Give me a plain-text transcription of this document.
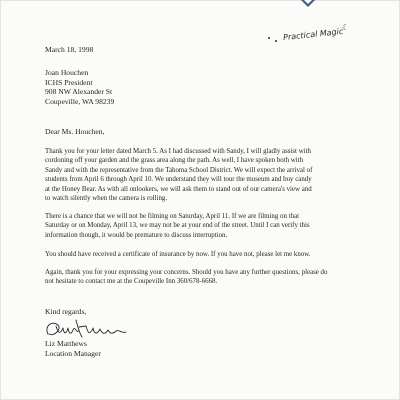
Practical Magic
☾
March 18, 1998
Joan Houchen
ICHS President
908 NW Alexander St
Coupeville, WA 98239
Dear Ms. Houchen,

Thank you for your letter dated March 5. As I had discussed with Sandy, I will gladly assist with
cordoning off your garden and the grass area along the path. As well, I have spoken both with
Sandy and with the representative from the Tahoma School District. We will expect the arrival of
students from April 6 through April 10. We understand they will tour the museum and buy candy
at the Honey Bear. As with all onlookers, we will ask them to stand out of our camera's view and
to watch silently when the camera is rolling.

There is a chance that we will not be filming on Saturday, April 11. If we are filming on that
Saturday or on Monday, April 13, we may not be at your end of the street. Until I can verify this
information though, it would be premature to discuss interruption.

You should have received a certificate of insurance by now. If you have not, please let me know.

Again, thank you for your expressing your concerns. Should you have any further questions, please do
not hesitate to contact me at the Coupeville Inn 360/678-6668.

Kind regards,
Liz Matthews
Location Manager
